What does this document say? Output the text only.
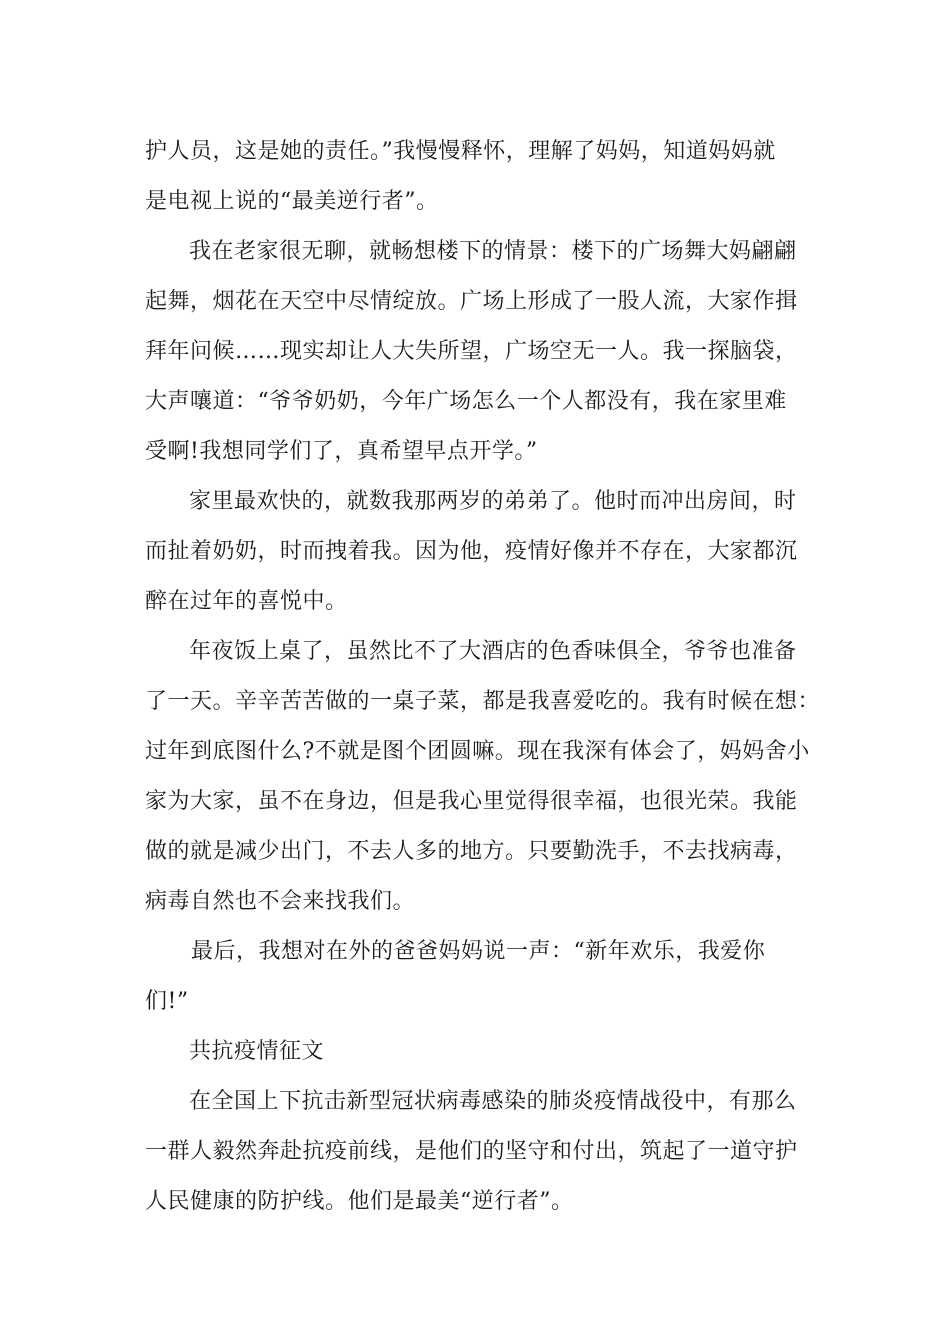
护人员，这是她的责任。”我慢慢释怀，理解了妈妈，知道妈妈就
是电视上说的“最美逆行者”。
我在老家很无聊，就畅想楼下的情景：楼下的广场舞大妈翩翩
起舞，烟花在天空中尽情绽放。广场上形成了一股人流，大家作揖
拜年问候……现实却让人大失所望，广场空无一人。我一探脑袋，
大声嚷道：“爷爷奶奶，今年广场怎么一个人都没有，我在家里难
受啊!我想同学们了，真希望早点开学。”
家里最欢快的，就数我那两岁的弟弟了。他时而冲出房间，时
而扯着奶奶，时而拽着我。因为他，疫情好像并不存在，大家都沉
醉在过年的喜悦中。
年夜饭上桌了，虽然比不了大酒店的色香味俱全，爷爷也准备
了一天。辛辛苦苦做的一桌子菜，都是我喜爱吃的。我有时候在想：
过年到底图什么?不就是图个团圆嘛。现在我深有体会了，妈妈舍小
家为大家，虽不在身边，但是我心里觉得很幸福，也很光荣。我能
做的就是减少出门，不去人多的地方。只要勤洗手，不去找病毒，
病毒自然也不会来找我们。
最后，我想对在外的爸爸妈妈说一声：“新年欢乐，我爱你
们!”
共抗疫情征文
在全国上下抗击新型冠状病毒感染的肺炎疫情战役中，有那么
一群人毅然奔赴抗疫前线，是他们的坚守和付出，筑起了一道守护
人民健康的防护线。他们是最美“逆行者”。
